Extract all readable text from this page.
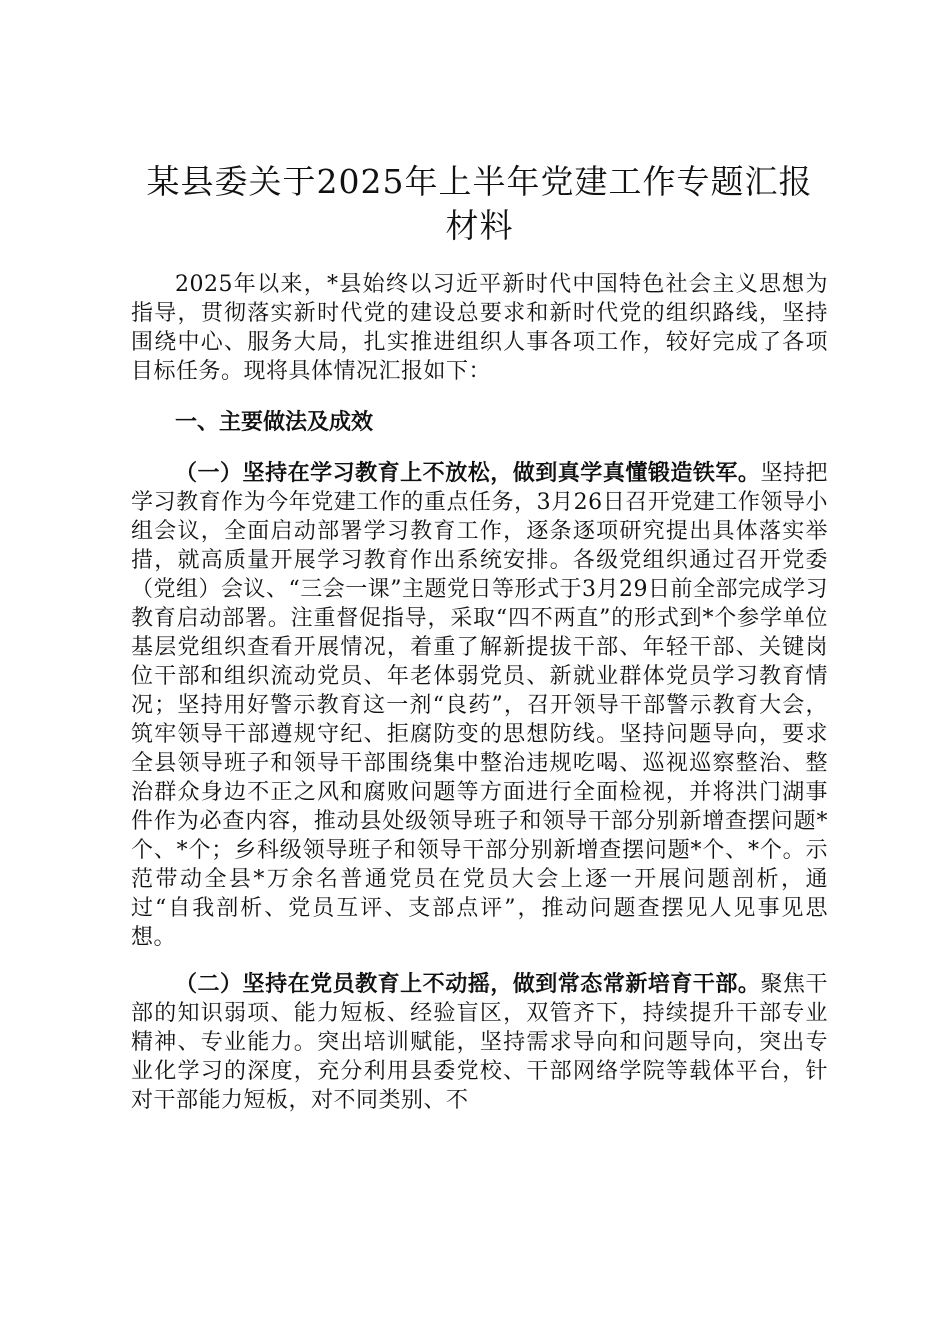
某县委关于2025年上半年党建工作专题汇报
材料

2025年以来，*县始终以习近平新时代中国特色社会主义思想为指导，贯彻落实新时代党的建设总要求和新时代党的组织路线，坚持围绕中心、服务大局，扎实推进组织人事各项工作，较好完成了各项目标任务。现将具体情况汇报如下：

一、主要做法及成效

（一）坚持在学习教育上不放松，做到真学真懂锻造铁军。坚持把学习教育作为今年党建工作的重点任务，3月26日召开党建工作领导小组会议，全面启动部署学习教育工作，逐条逐项研究提出具体落实举措，就高质量开展学习教育作出系统安排。各级党组织通过召开党委（党组）会议、“三会一课”主题党日等形式于3月29日前全部完成学习教育启动部署。注重督促指导，采取“四不两直”的形式到*个参学单位基层党组织查看开展情况，着重了解新提拔干部、年轻干部、关键岗位干部和组织流动党员、年老体弱党员、新就业群体党员学习教育情况；坚持用好警示教育这一剂“良药”，召开领导干部警示教育大会，筑牢领导干部遵规守纪、拒腐防变的思想防线。坚持问题导向，要求全县领导班子和领导干部围绕集中整治违规吃喝、巡视巡察整治、整治群众身边不正之风和腐败问题等方面进行全面检视，并将洪门湖事件作为必查内容，推动县处级领导班子和领导干部分别新增查摆问题*个、*个；乡科级领导班子和领导干部分别新增查摆问题*个、*个。示范带动全县*万余名普通党员在党员大会上逐一开展问题剖析，通过“自我剖析、党员互评、支部点评”，推动问题查摆见人见事见思想。

（二）坚持在党员教育上不动摇，做到常态常新培育干部。聚焦干部的知识弱项、能力短板、经验盲区，双管齐下，持续提升干部专业精神、专业能力。突出培训赋能，坚持需求导向和问题导向，突出专业化学习的深度，充分利用县委党校、干部网络学院等载体平台，针对干部能力短板，对不同类别、不
